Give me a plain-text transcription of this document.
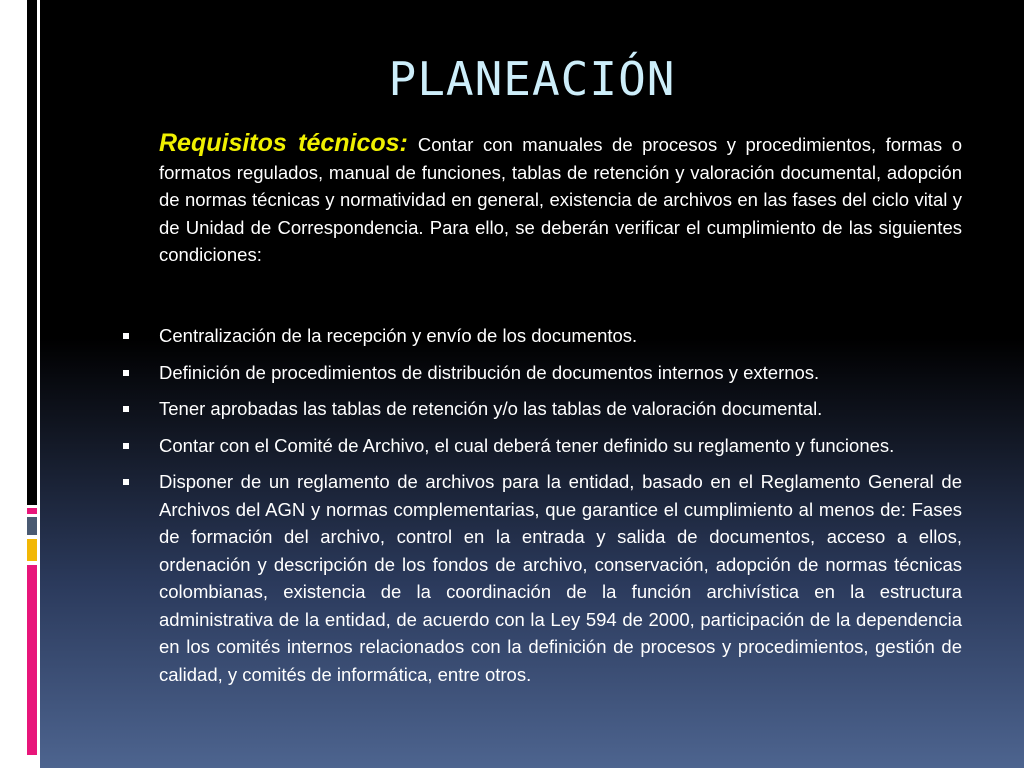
PLANEACIÓN
Requisitos técnicos: Contar con manuales de procesos y procedimientos, formas o formatos regulados, manual de funciones, tablas de retención y valoración documental, adopción de normas técnicas y normatividad en general, existencia de archivos en las fases del ciclo vital y de Unidad de Correspondencia. Para ello, se deberán verificar el cumplimiento de las siguientes condiciones:
Centralización de la recepción y envío de los documentos.
Definición de procedimientos de distribución de documentos internos y externos.
Tener aprobadas las tablas de retención y/o las tablas de valoración documental.
Contar con el Comité de Archivo, el cual deberá tener definido su reglamento y funciones.
Disponer de un reglamento de archivos para la entidad, basado en el Reglamento General de Archivos del AGN y normas complementarias, que garantice el cumplimiento al menos de: Fases de formación del archivo, control en la entrada y salida de documentos, acceso a ellos, ordenación y descripción de los fondos de archivo, conservación, adopción de normas técnicas colombianas, existencia de la coordinación de la función archivística en la estructura administrativa de la entidad, de acuerdo con la Ley 594 de 2000, participación de la dependencia en los comités internos relacionados con la definición de procesos y procedimientos, gestión de calidad, y comités de informática, entre otros.
